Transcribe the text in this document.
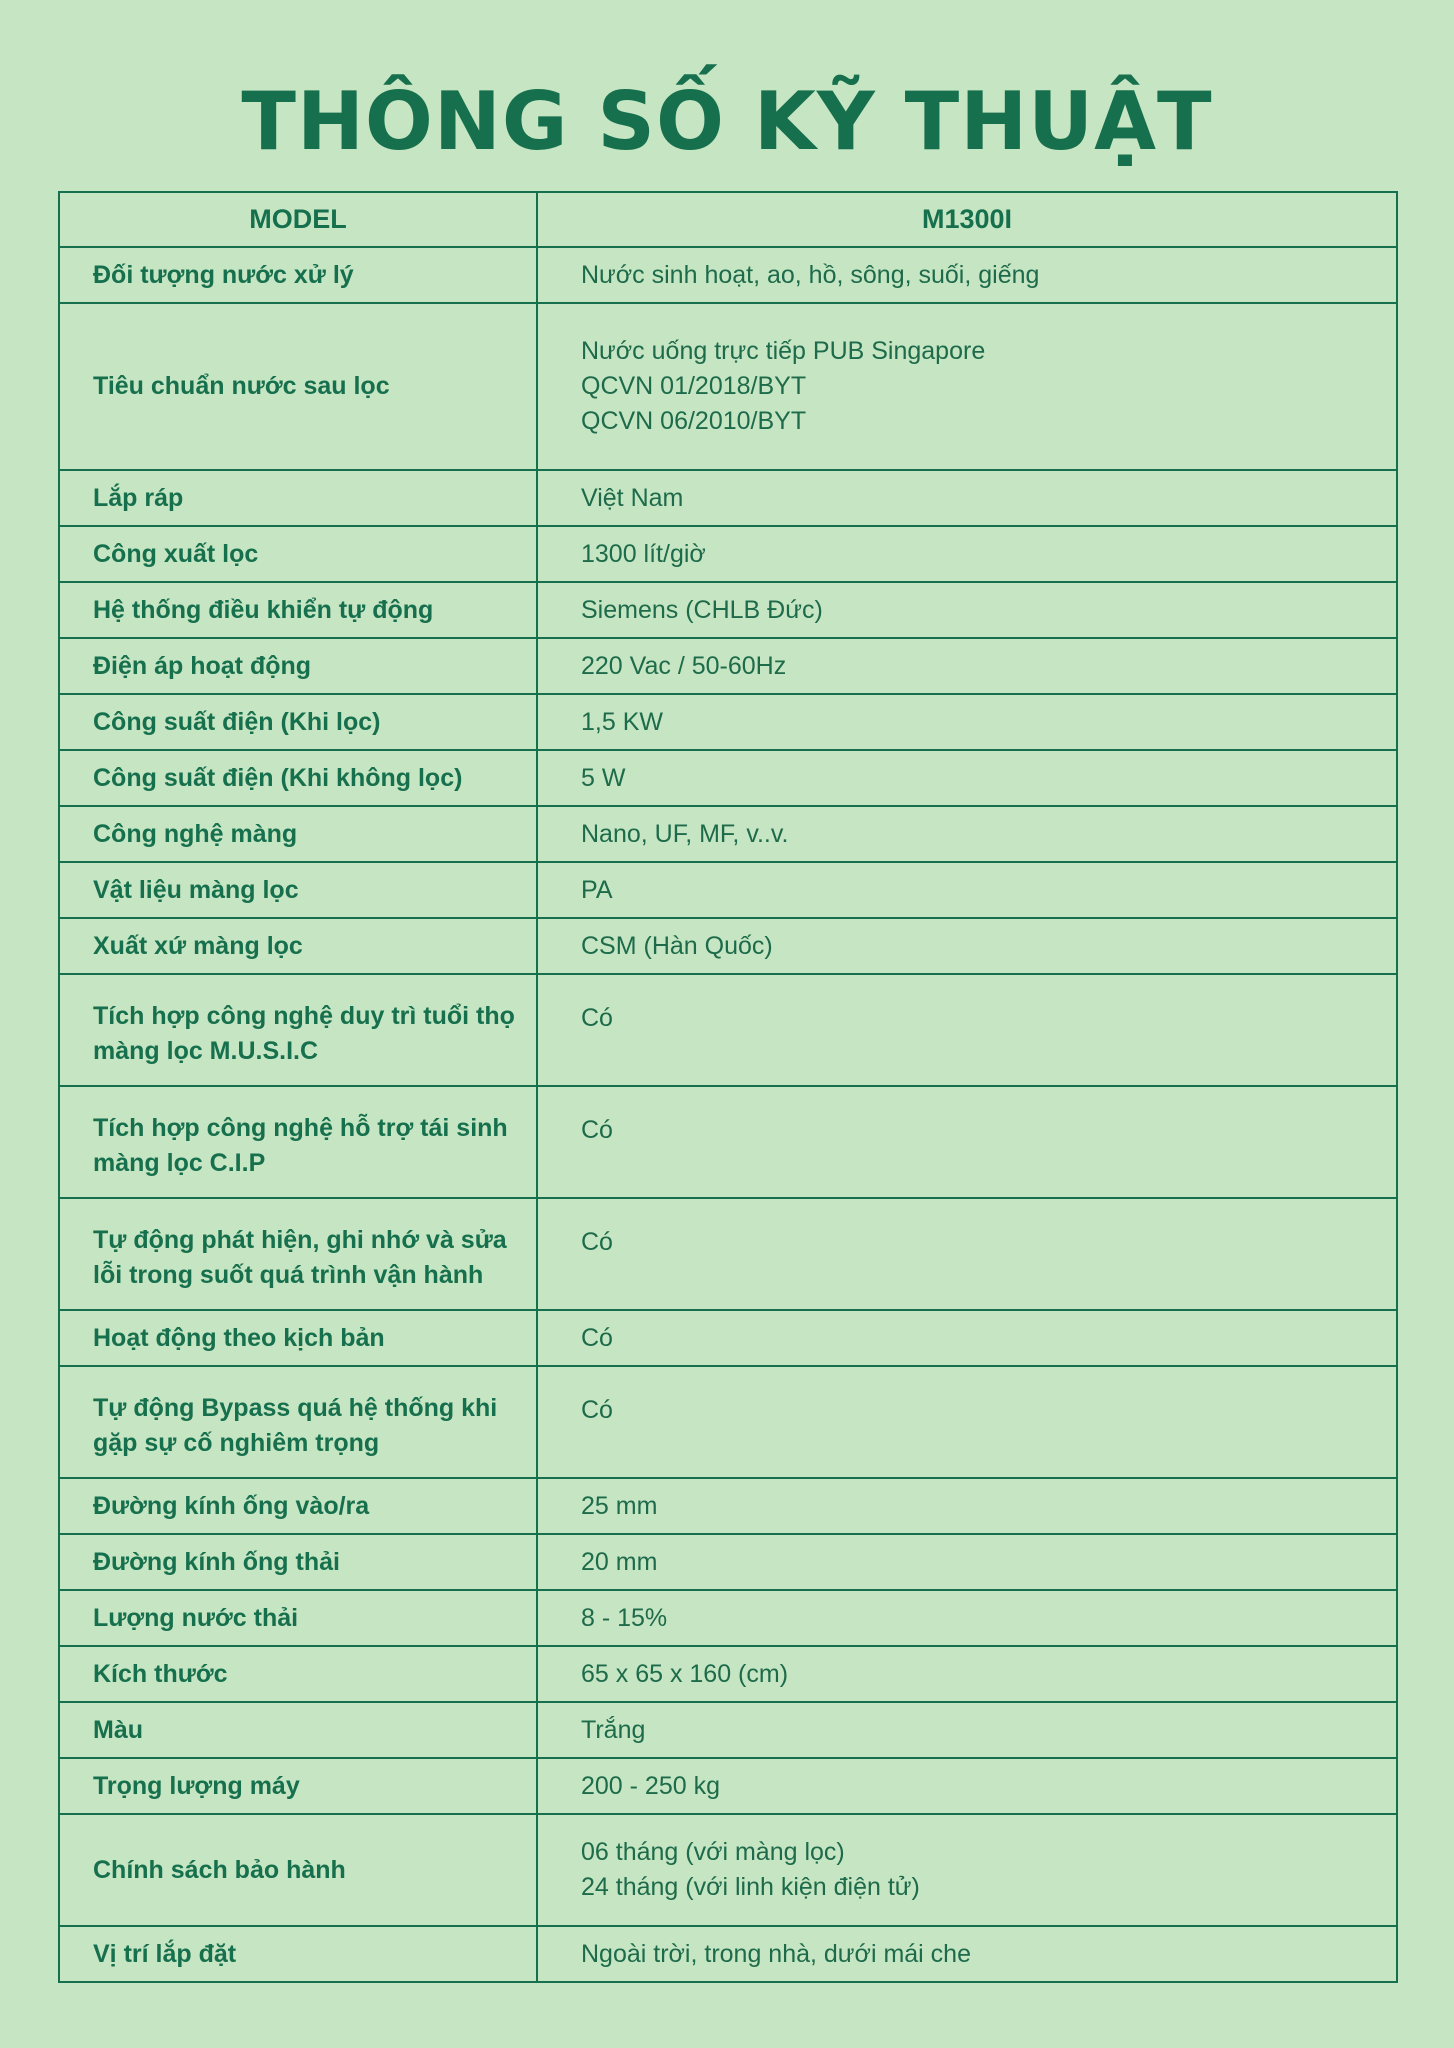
THÔNG SỐ KỸ THUẬT
MODEL	M1300I
Đối tượng nước xử lý	Nước sinh hoạt, ao, hồ, sông, suối, giếng
Tiêu chuẩn nước sau lọc	Nước uống trực tiếp PUB Singapore
QCVN 01/2018/BYT
QCVN 06/2010/BYT

Lắp ráp	Việt Nam
Công xuất lọc	1300 lít/giờ
Hệ thống điều khiển tự động	Siemens (CHLB Đức)
Điện áp hoạt động	220 Vac / 50-60Hz
Công suất điện (Khi lọc)	1,5 KW
Công suất điện (Khi không lọc)	5 W
Công nghệ màng	Nano, UF, MF, v..v.
Vật liệu màng lọc	PA
Xuất xứ màng lọc	CSM (Hàn Quốc)

Tích hợp công nghệ duy trì tuổi thọ
màng lọc M.U.S.I.C	Có

Tích hợp công nghệ hỗ trợ tái sinh
màng lọc C.I.P	Có

Tự động phát hiện, ghi nhớ và sửa
lỗi trong suốt quá trình vận hành	Có
Hoạt động theo kịch bản	Có

Tự động Bypass quá hệ thống khi
gặp sự cố nghiêm trọng	Có
Đường kính ống vào/ra	25 mm
Đường kính ống thải	20 mm
Lượng nước thải	8 - 15%
Kích thước	65 x 65 x 160 (cm)
Màu	Trắng
Trọng lượng máy	200 - 250 kg
Chính sách bảo hành	06 tháng (với màng lọc)
24 tháng (với linh kiện điện tử)

Vị trí lắp đặt	Ngoài trời, trong nhà, dưới mái che
